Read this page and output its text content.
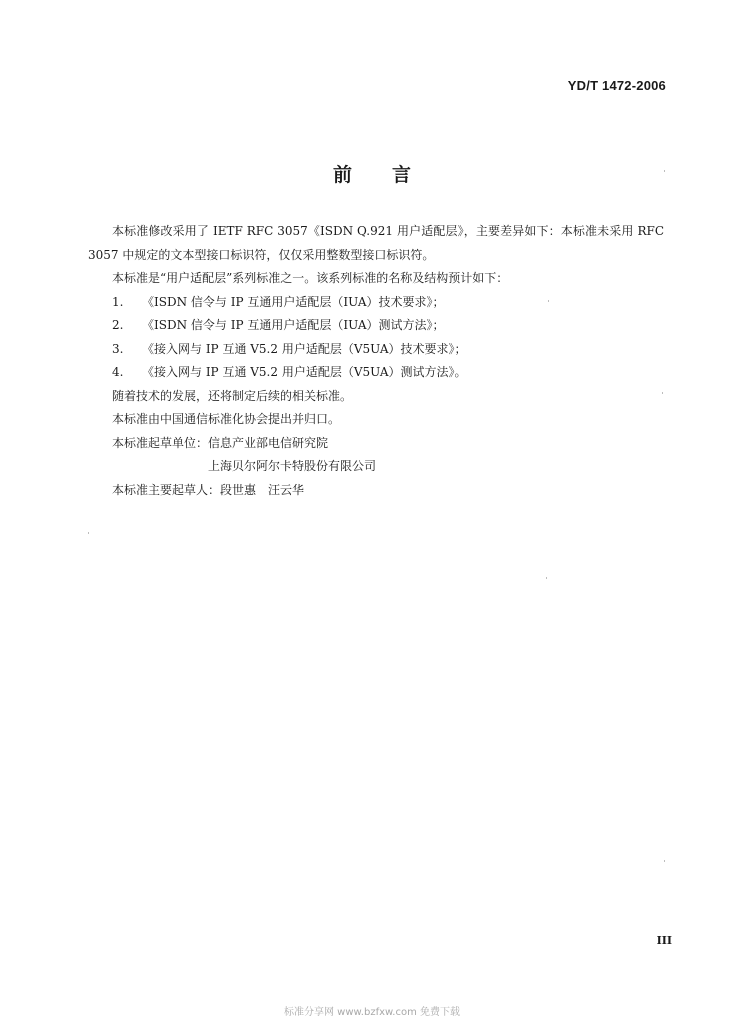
YD/T 1472-2006
前言

本标准修改采用了 IETF RFC 3057《ISDN Q.921 用户适配层》，主要差异如下：本标准未采用 RFC 3057 中规定的文本型接口标识符，仅仅采用整数型接口标识符。

本标准是“用户适配层”系列标准之一。该系列标准的名称及结构预计如下：

1.	《ISDN 信令与 IP 互通用户适配层（IUA）技术要求》；
2.	《ISDN 信令与 IP 互通用户适配层（IUA）测试方法》；
3.	《接入网与 IP 互通 V5.2 用户适配层（V5UA）技术要求》；
4.	《接入网与 IP 互通 V5.2 用户适配层（V5UA）测试方法》。

随着技术的发展，还将制定后续的相关标准。

本标准由中国通信标准化协会提出并归口。

本标准起草单位： 信息产业部电信研究院
上海贝尔阿尔卡特股份有限公司

本标准主要起草人：段世惠　汪云华

III
标准分享网 www.bzfxw.com 免费下载
